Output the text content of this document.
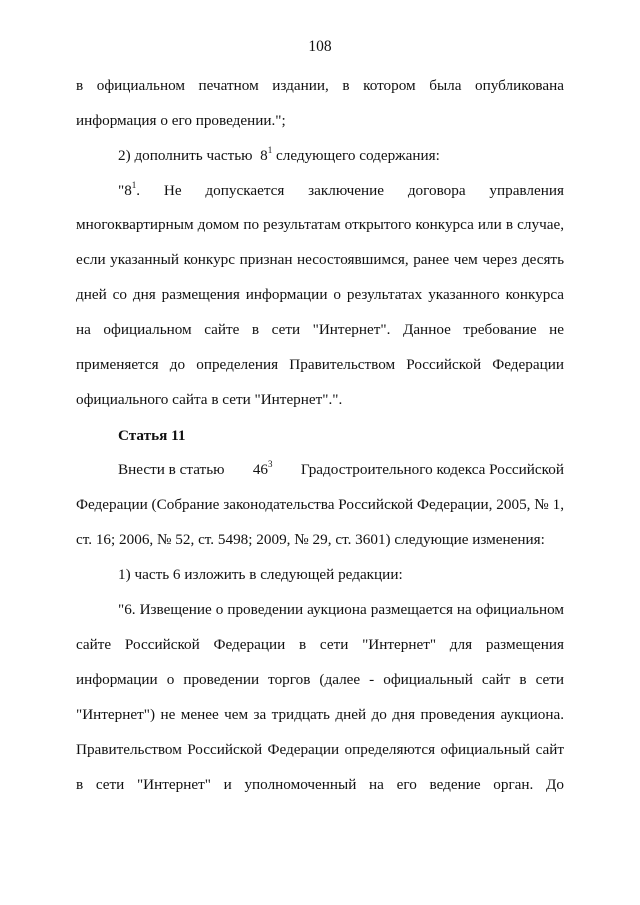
108
в официальном печатном издании, в котором была опубликована
информация о его проведении.";
2) дополнить частью $8^1$ следующего содержания:
"$8^1$. Не допускается заключение договора управления
многоквартирным домом по результатам открытого конкурса или в случае,
если указанный конкурс признан несостоявшимся, ранее чем через десять
дней со дня размещения информации о результатах указанного конкурса
на официальном сайте в сети "Интернет". Данное требование не
применяется до определения Правительством Российской Федерации
официального сайта в сети "Интернет".".
Статья 11
Внести в статью $46^3$ Градостроительного кодекса Российской
Федерации (Собрание законодательства Российской Федерации, 2005, № 1,
ст. 16; 2006, № 52, ст. 5498; 2009, № 29, ст. 3601) следующие изменения:
1) часть 6 изложить в следующей редакции:
"6. Извещение о проведении аукциона размещается на официальном
сайте Российской Федерации в сети "Интернет" для размещения
информации о проведении торгов (далее - официальный сайт в сети
"Интернет") не менее чем за тридцать дней до дня проведения аукциона.
Правительством Российской Федерации определяются официальный сайт
в сети "Интернет" и уполномоченный на его ведение орган. До
